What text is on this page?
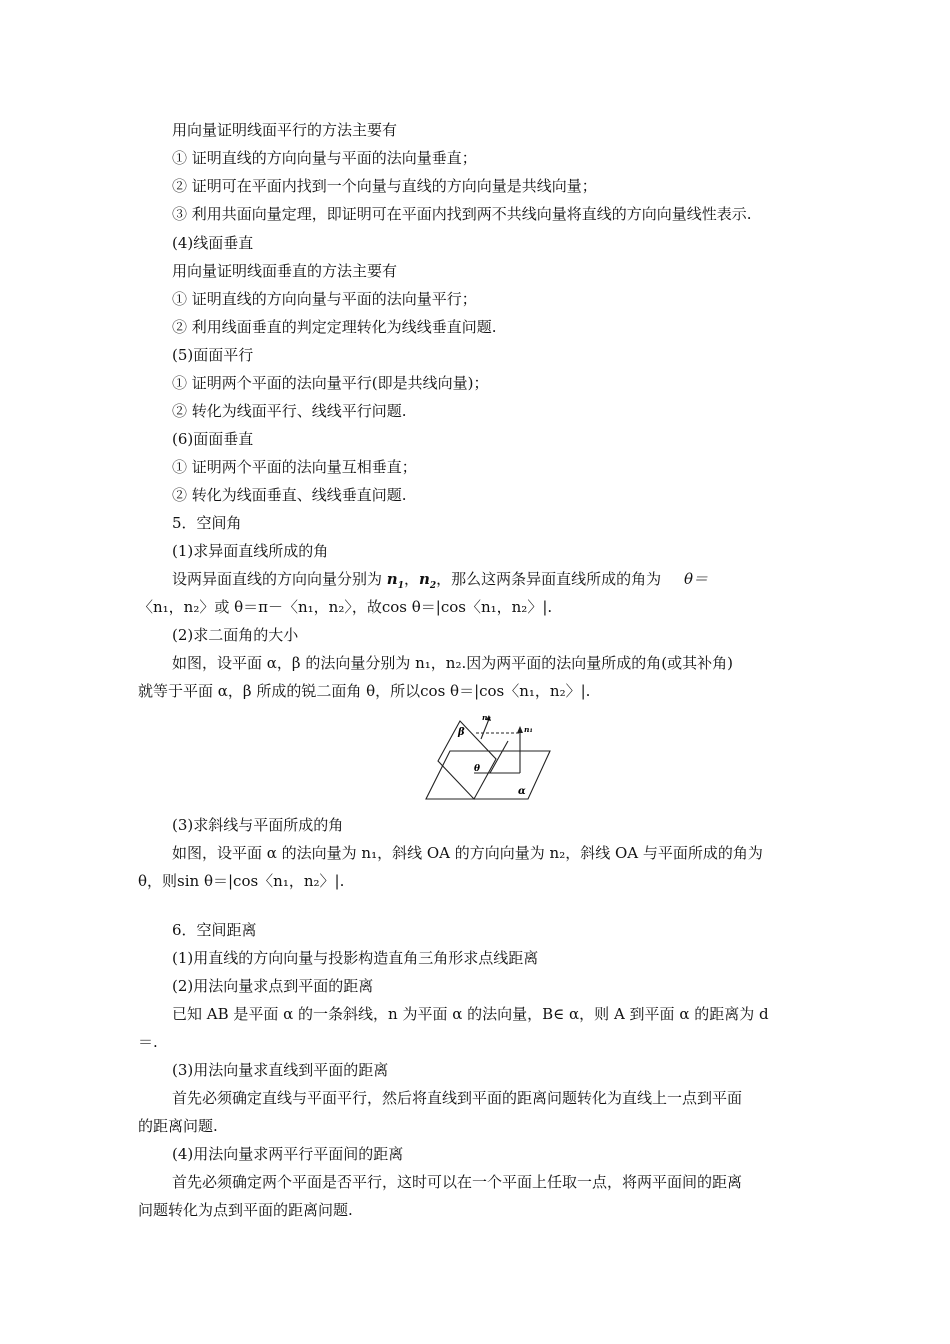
用向量证明线面平行的方法主要有
① 证明直线的方向向量与平面的法向量垂直；
② 证明可在平面内找到一个向量与直线的方向向量是共线向量；
③ 利用共面向量定理，即证明可在平面内找到两不共线向量将直线的方向向量线性表示.
(4)线面垂直
用向量证明线面垂直的方法主要有
① 证明直线的方向向量与平面的法向量平行；
② 利用线面垂直的判定定理转化为线线垂直问题.
(5)面面平行
① 证明两个平面的法向量平行(即是共线向量)；
② 转化为线面平行、线线平行问题.
(6)面面垂直
① 证明两个平面的法向量互相垂直；
② 转化为线面垂直、线线垂直问题.
5．空间角
(1)求异面直线所成的角
设两异面直线的方向向量分别为 $n_1$，$n_2$，那么这两条异面直线所成的角为 θ＝
〈n₁，n₂〉或 θ＝π－〈n₁，n₂〉，故cos θ＝|cos〈n₁，n₂〉|.
(2)求二面角的大小
如图，设平面 α，β 的法向量分别为 n₁，n₂.因为两平面的法向量所成的角(或其补角)
就等于平面 α，β 所成的锐二面角 θ，所以cos θ＝|cos〈n₁，n₂〉|.
β
α
θ
n₂
n₁
(3)求斜线与平面所成的角
如图，设平面 α 的法向量为 n₁，斜线 OA 的方向向量为 n₂，斜线 OA 与平面所成的角为
θ，则sin θ＝|cos〈n₁，n₂〉|.
6．空间距离
(1)用直线的方向向量与投影构造直角三角形求点线距离
(2)用法向量求点到平面的距离
已知 AB 是平面 α 的一条斜线，n 为平面 α 的法向量，B∈ α，则 A 到平面 α 的距离为 d
＝.
(3)用法向量求直线到平面的距离
首先必须确定直线与平面平行，然后将直线到平面的距离问题转化为直线上一点到平面
的距离问题.
(4)用法向量求两平行平面间的距离
首先必须确定两个平面是否平行，这时可以在一个平面上任取一点，将两平面间的距离
问题转化为点到平面的距离问题.
